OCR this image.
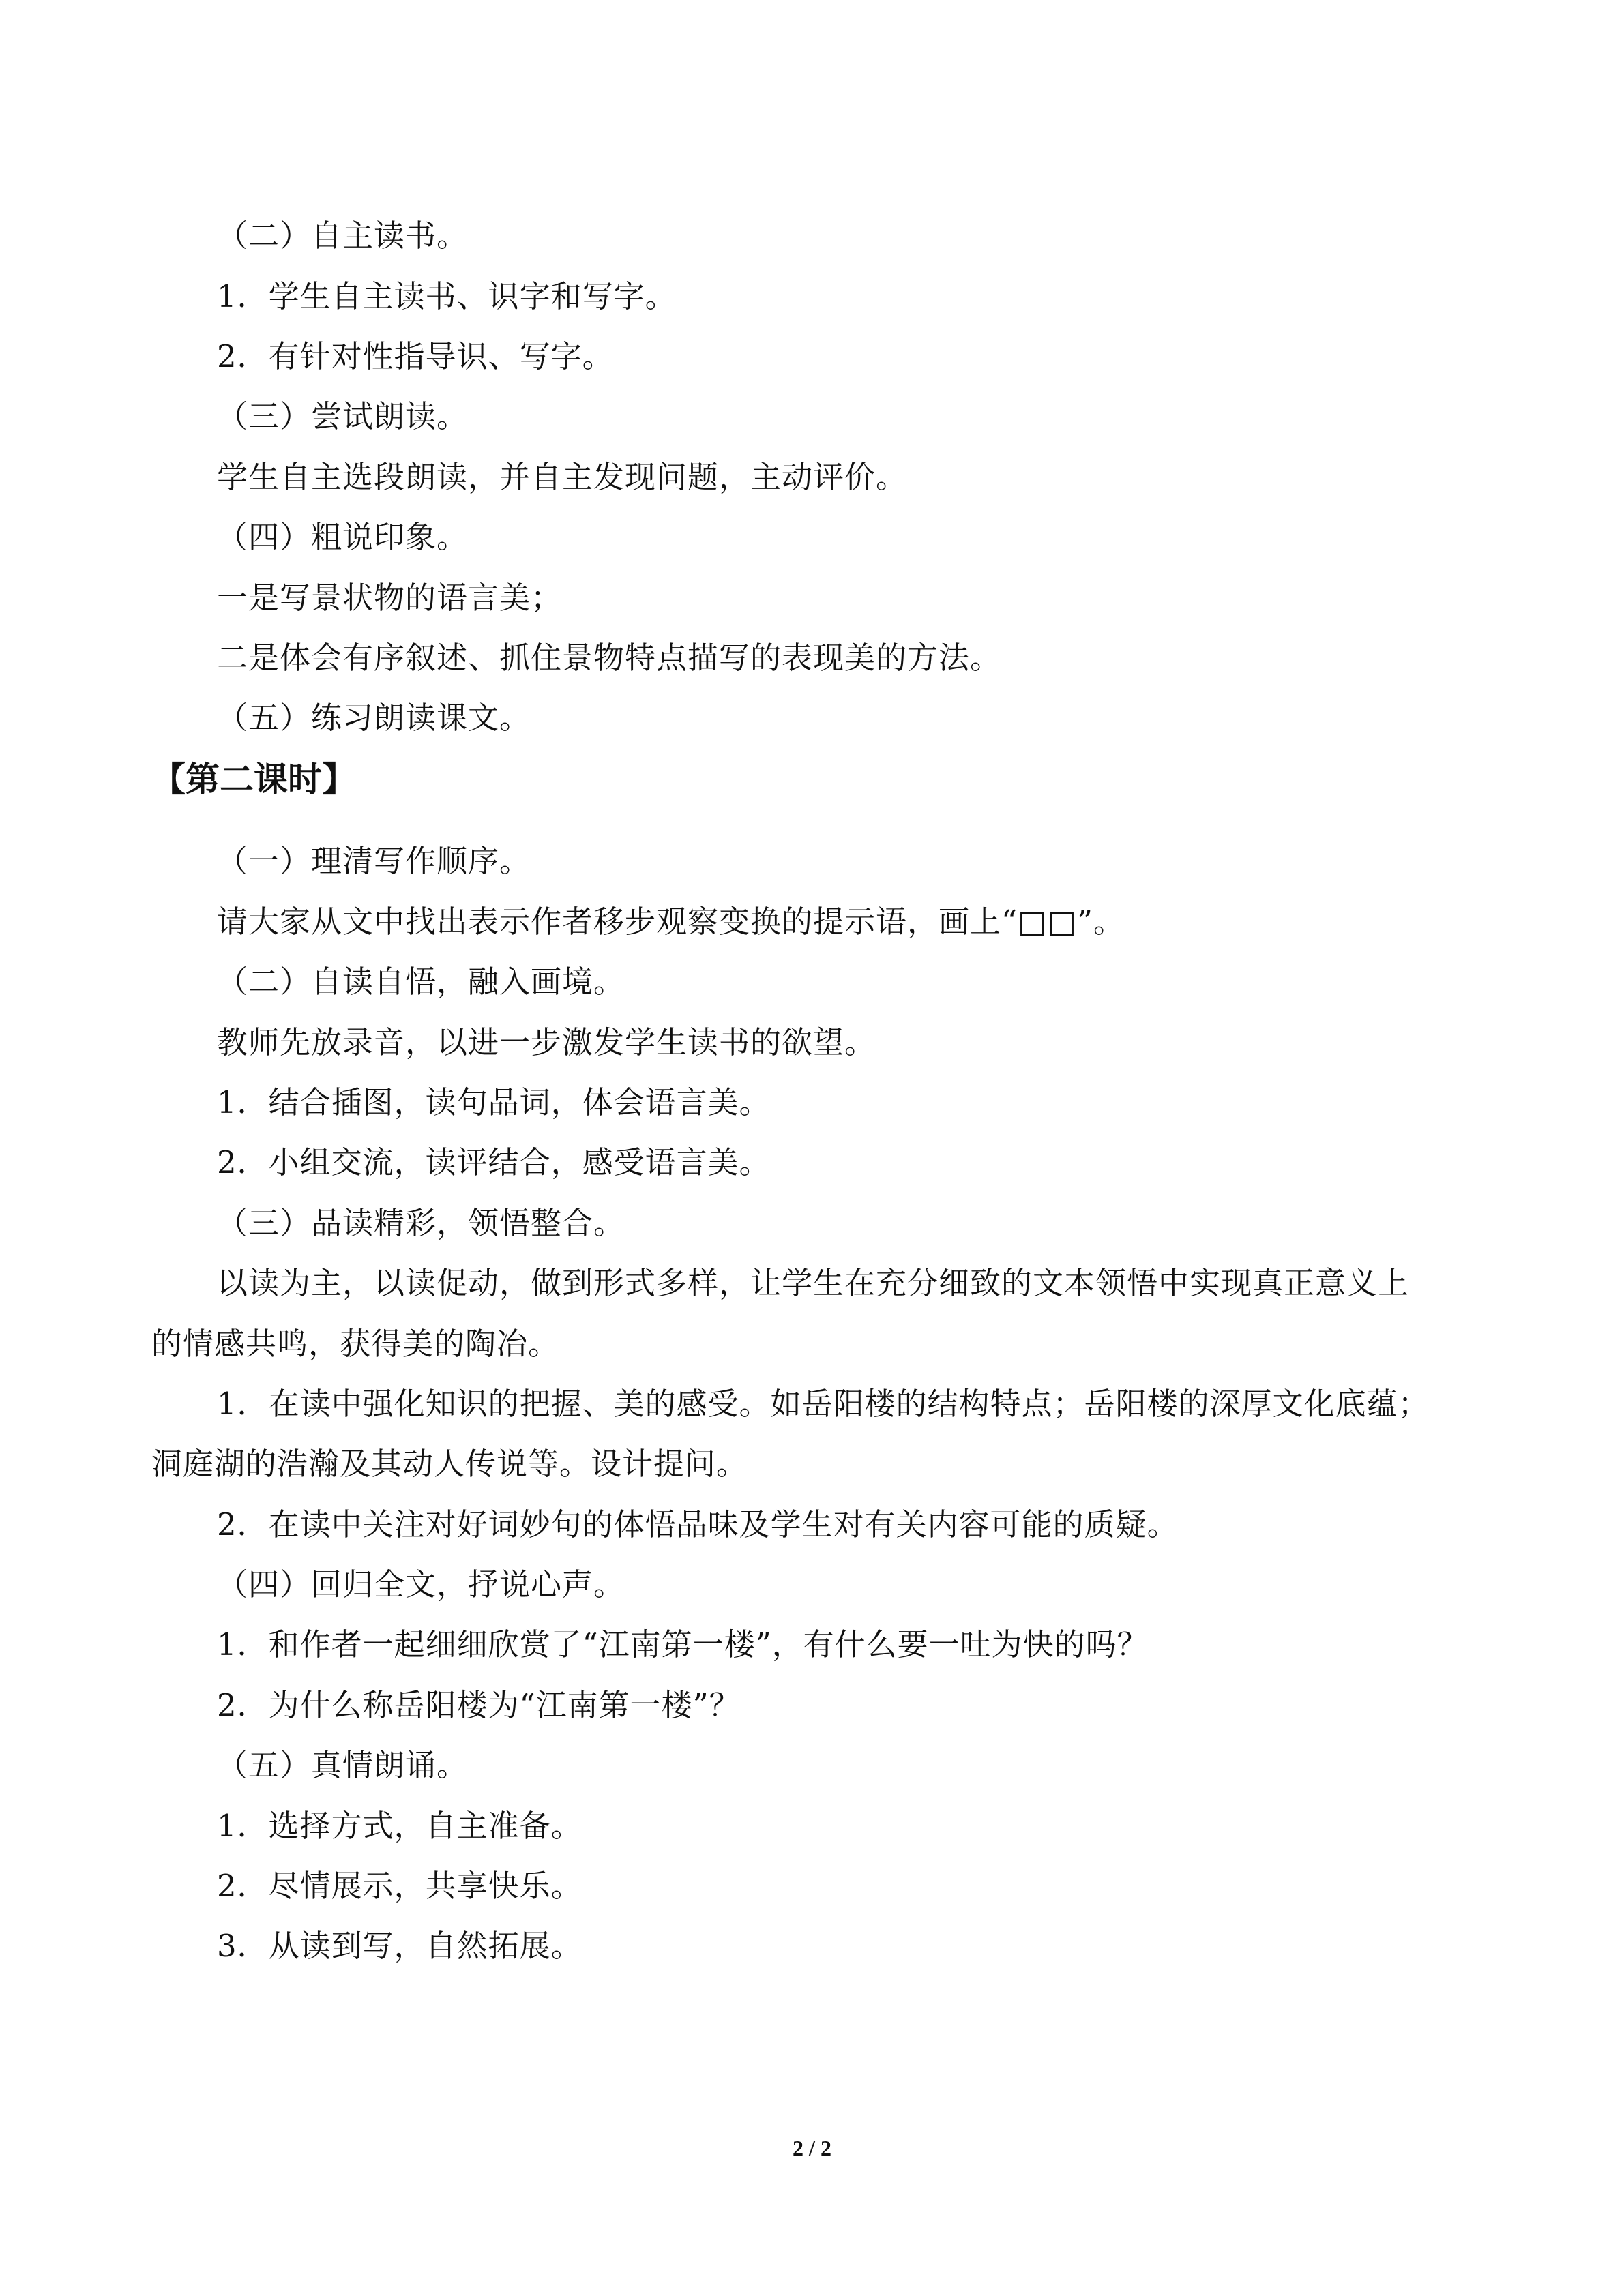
（二）自主读书。
1．学生自主读书、识字和写字。
2．有针对性指导识、写字。
（三）尝试朗读。
学生自主选段朗读，并自主发现问题，主动评价。
（四）粗说印象。
一是写景状物的语言美；
二是体会有序叙述、抓住景物特点描写的表现美的方法。
（五）练习朗读课文。
【第二课时】
（一）理清写作顺序。
请大家从文中找出表示作者移步观察变换的提示语，画上“□□”。
（二）自读自悟，融入画境。
教师先放录音，以进一步激发学生读书的欲望。
1．结合插图，读句品词，体会语言美。
2．小组交流，读评结合，感受语言美。
（三）品读精彩，领悟整合。
以读为主，以读促动，做到形式多样，让学生在充分细致的文本领悟中实现真正意义上
的情感共鸣，获得美的陶冶。
1．在读中强化知识的把握、美的感受。如岳阳楼的结构特点；岳阳楼的深厚文化底蕴；
洞庭湖的浩瀚及其动人传说等。设计提问。
2．在读中关注对好词妙句的体悟品味及学生对有关内容可能的质疑。
（四）回归全文，抒说心声。
1．和作者一起细细欣赏了“江南第一楼”，有什么要一吐为快的吗？
2．为什么称岳阳楼为“江南第一楼”？
（五）真情朗诵。
1．选择方式，自主准备。
2．尽情展示，共享快乐。
3．从读到写，自然拓展。
2 / 2
